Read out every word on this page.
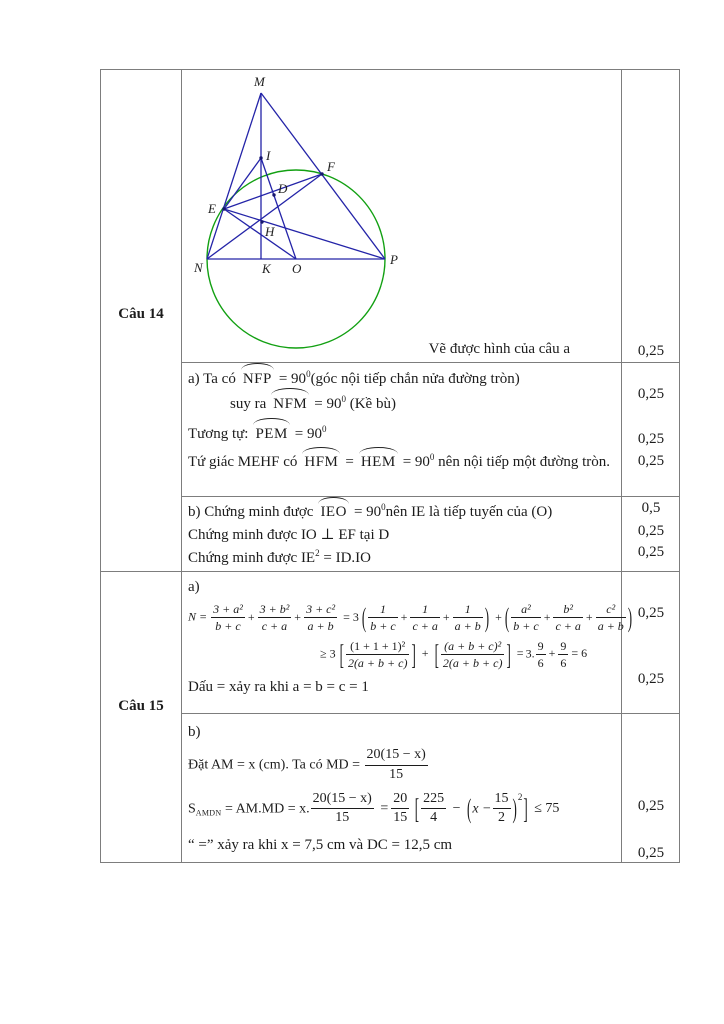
Câu 14
Câu 15
M
I
F
E
D
H
N	K O
P
Vẽ được hình của câu a
a) Ta có NFP = $90^0(góc$ nội tiếp chắn nửa đường tròn)
suy ra NFM = $90^0$ (Kề bù)
Tương tự: PEM = $90^0$
Tứ giác MEHF có HFM = HEM = $90^0$ nên nội tiếp một đường tròn.
b) Chứng minh được IEO = $90^0nên$ IE là tiếp tuyến của (O)
Chứng minh được IO ⊥ EF tại D
Chứng minh được $IE^2 = ID.IO$
a)
$N = \frac{\text{3 + a²}}{b + c} + \frac{\text{3 + b²}}{c + a} + \frac{\text{3 + c²}}{a + b} = 3$ ( $\frac{1}{b + c} + \frac{1}{c + a} + \frac{1}{a + b}$ ) + ( $\frac{\text{a²}}{b + c} + \frac{\text{b²}}{c + a} + \frac{\text{c²}}{a + b}$ )
≥ 3 [ $\frac{\text{(1 + 1 + 1)²}}{2(a + b + c)}$ ] + [ $\frac{\text{(a + b + c)²}}{2(a + b + c)}$ ] = 3. $\frac{9}{6} + \frac{9}{6} = 6$
Dấu = xảy ra khi a = b = c = 1
b)
Đặt AM = x (cm). Ta có MD = $\frac{20(15 - x)}{15}$
$S_{AMDN} = AM.MD = x$. $\frac{20(15 - x)}{15} = \frac{20}{15}$ [ $\frac{225}{4} - (x - \frac{15}{2} )^2] \le 75$
“ =” xảy ra khi x = 7,5 cm và DC = 12,5 cm
0,25
0,25
0,25
0,25
0,5
0,25
0,25
0,25
0,25
0,25
0,25
